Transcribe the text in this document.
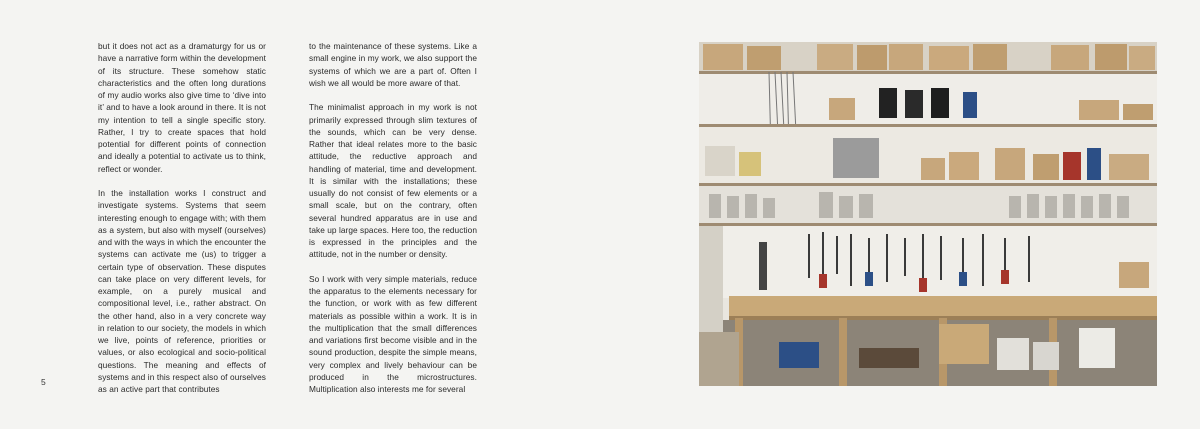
5

but it does not act as a dramaturgy for us or have a narrative form within the development of its structure. These somehow static characteristics and the often long durations of my audio works also give time to ‘dive into it’ and to have a look around in there. It is not my intention to tell a single specific story. Rather, I try to create spaces that hold potential for different points of connection and ideally a potential to activate us to think, reflect or wonder.

In the installation works I construct and investigate systems. Systems that seem interesting enough to engage with; with them as a system, but also with myself (ourselves) and with the ways in which the encounter the systems can activate me (us) to trigger a certain type of observation. These disputes can take place on very different levels, for example, on a purely musical and compositional level, i.e., rather abstract. On the other hand, also in a very concrete way in relation to our society, the models in which we live, points of reference, priorities or values, or also ecological and socio-political questions. The meaning and effects of systems and in this respect also of ourselves as an active part that contributes

to the maintenance of these systems. Like a small engine in my work, we also support the systems of which we are a part of. Often I wish we all would be more aware of that.

The minimalist approach in my work is not primarily expressed through slim textures of the sounds, which can be very dense. Rather that ideal relates more to the basic attitude, the reductive approach and handling of material, time and development. It is similar with the installations; these usually do not consist of few elements or a small scale, but on the contrary, often several hundred apparatus are in use and take up large spaces. Here too, the reduction is expressed in the principles and the attitude, not in the number or density.

So I work with very simple materials, reduce the apparatus to the elements necessary for the function, or work with as few different materials as possible within a work. It is in the multiplication that the small differences and variations first become visible and in the sound production, despite the simple means, very complex and lively behaviour can be produced in the microstructures. Multiplication also interests me for several
